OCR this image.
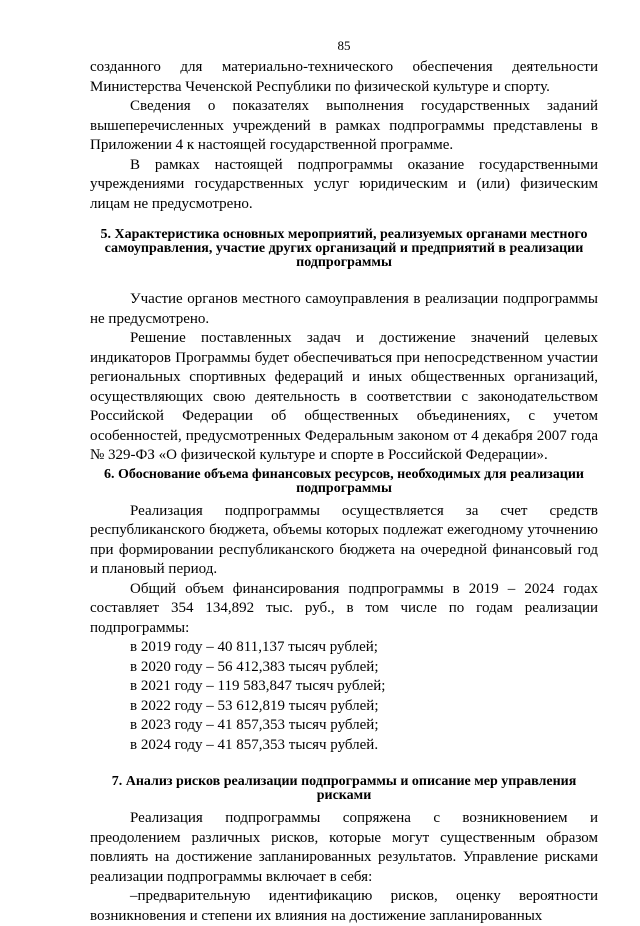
85

созданного для материально-технического обеспечения деятельности Министерства Чеченской Республики по физической культуре и спорту.

Сведения о показателях выполнения государственных заданий вышеперечисленных учреждений в рамках подпрограммы представлены в Приложении 4 к настоящей государственной программе.

В рамках настоящей подпрограммы оказание государственными учреждениями государственных услуг юридическим и (или) физическим лицам не предусмотрено.

5. Характеристика основных мероприятий, реализуемых органами местного самоуправления, участие других организаций и предприятий в реализации подпрограммы

Участие органов местного самоуправления в реализации подпрограммы не предусмотрено.

Решение поставленных задач и достижение значений целевых индикаторов Программы будет обеспечиваться при непосредственном участии региональных спортивных федераций и иных общественных организаций, осуществляющих свою деятельность в соответствии с законодательством Российской Федерации об общественных объединениях, с учетом особенностей, предусмотренных Федеральным законом от 4 декабря 2007 года № 329-ФЗ «О физической культуре и спорте в Российской Федерации».

6. Обоснование объема финансовых ресурсов, необходимых для реализации подпрограммы

Реализация подпрограммы осуществляется за счет средств республиканского бюджета, объемы которых подлежат ежегодному уточнению при формировании республиканского бюджета на очередной финансовый год и плановый период.

Общий объем финансирования подпрограммы в 2019 – 2024 годах составляет 354 134,892 тыс. руб., в том числе по годам реализации подпрограммы:

в 2019 году – 40 811,137 тысяч рублей;

в 2020 году – 56 412,383 тысяч рублей;

в 2021 году – 119 583,847 тысяч рублей;

в 2022 году – 53 612,819 тысяч рублей;

в 2023 году – 41 857,353 тысяч рублей;

в 2024 году – 41 857,353 тысяч рублей.

7. Анализ рисков реализации подпрограммы и описание мер управления рисками

Реализация подпрограммы сопряжена с возникновением и преодолением различных рисков, которые могут существенным образом повлиять на достижение запланированных результатов. Управление рисками реализации подпрограммы включает в себя:

–предварительную идентификацию рисков, оценку вероятности возникновения и степени их влияния на достижение запланированных
